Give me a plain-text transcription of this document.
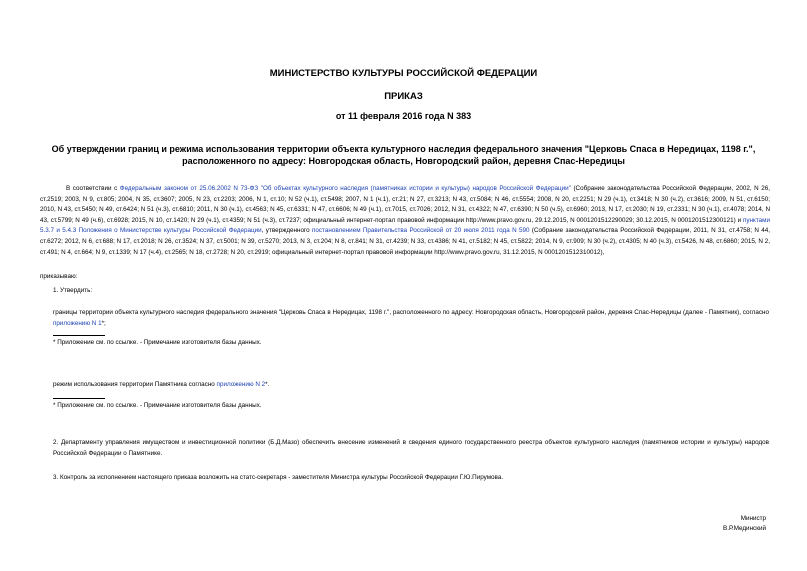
МИНИСТЕРСТВО КУЛЬТУРЫ РОССИЙСКОЙ ФЕДЕРАЦИИ
ПРИКАЗ
от 11 февраля 2016 года N 383
Об утверждении границ и режима использования территории объекта культурного наследия федерального значения "Церковь Спаса в Нередицах, 1198 г.", расположенного по адресу: Новгородская область, Новгородский район, деревня Спас-Нередицы
В соответствии с Федеральным законом от 25.06.2002 N 73-ФЗ "Об объектах культурного наследия (памятниках истории и культуры) народов Российской Федерации" (Собрание законодательства Российской Федерации, 2002, N 26, ст.2519; 2003, N 9, ст.805; 2004, N 35, ст.3607; 2005, N 23, ст.2203; 2006, N 1, ст.10; N 52 (ч.1), ст.5498; 2007, N 1 (ч.1), ст.21; N 27, ст.3213; N 43, ст.5084; N 46, ст.5554; 2008, N 20, ст.2251; N 29 (ч.1), ст.3418; N 30 (ч.2), ст.3616; 2009, N 51, ст.6150; 2010, N 43, ст.5450; N 49, ст.6424; N 51 (ч.3), ст.6810; 2011, N 30 (ч.1), ст.4563; N 45, ст.6331; N 47, ст.6606; N 49 (ч.1), ст.7015, ст.7026; 2012, N 31, ст.4322; N 47, ст.6390; N 50 (ч.5), ст.6960; 2013, N 17, ст.2030; N 19, ст.2331; N 30 (ч.1), ст.4078; 2014, N 43, ст.5799; N 49 (ч.6), ст.6928; 2015, N 10, ст.1420; N 29 (ч.1), ст.4359; N 51 (ч.3), ст.7237; официальный интернет-портал правовой информации http://www.pravo.gov.ru, 29.12.2015, N 0001201512290029; 30.12.2015, N 0001201512300121) и пунктами 5.3.7 и 5.4.3 Положения о Министерстве культуры Российской Федерации, утвержденного постановлением Правительства Российской от 20 июля 2011 года N 590 (Собрание законодательства Российской Федерации, 2011, N 31, ст.4758; N 44, ст.6272; 2012, N 6, ст.688; N 17, ст.2018; N 26, ст.3524; N 37, ст.5001; N 39, ст.5270; 2013, N 3, ст.204; N 8, ст.841; N 31, ст.4239; N 33, ст.4386; N 41, ст.5182; N 45, ст.5822; 2014, N 9, ст.909; N 30 (ч.2), ст.4305; N 40 (ч.3), ст.5426, N 48, ст.6860; 2015, N 2, ст.491; N 4, ст.664; N 9, ст.1339; N 17 (ч.4), ст.2565; N 18, ст.2728; N 20, ст.2919; официальный интернет-портал правовой информации http://www.pravo.gov.ru, 31.12.2015, N 0001201512310012),
приказываю:
1. Утвердить:
границы территории объекта культурного наследия федерального значения "Церковь Спаса в Нередицах, 1198 г.", расположенного по адресу: Новгородская область, Новгородский район, деревня Спас-Нередицы (далее - Памятник), согласно приложению N 1*;
* Приложение см. по ссылке. - Примечание изготовителя базы данных.
режим использования территории Памятника согласно приложению N 2*.
* Приложение см. по ссылке. - Примечание изготовителя базы данных.
2. Департаменту управления имуществом и инвестиционной политики (Б.Д.Мазо) обеспечить внесение изменений в сведения единого государственного реестра объектов культурного наследия (памятников истории и культуры) народов Российской Федерации о Памятнике.
3. Контроль за исполнением настоящего приказа возложить на статс-секретаря - заместителя Министра культуры Российской Федерации Г.Ю.Пирумова.
Министр
В.Р.Мединский
